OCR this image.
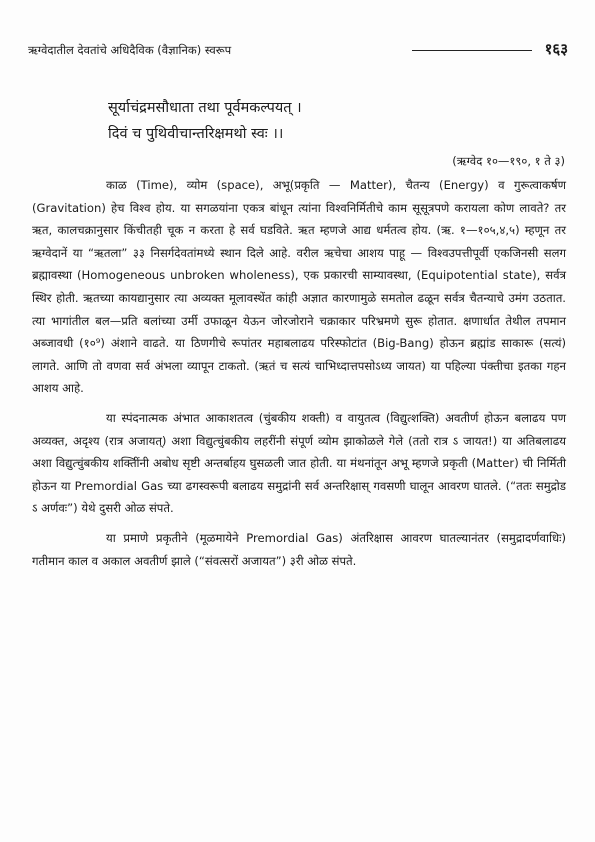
ऋग्वेदातील देवतांचे अधिदैविक (वैज्ञानिक) स्वरूप	१६३
सूर्याचंद्रमसौधाता तथा पूर्वमकल्पयत् ।
दिवं च पुथिवीचान्तरिक्षमथो स्वः ।।
(ऋग्वेद १०—१९०, १ ते ३)

काळ (Time), व्योम (space), अभू(प्रकृति — Matter), चैतन्य (Energy) व गुरूत्वाकर्षण (Gravitation) हेच विश्व होय. या सगळयांना एकत्र बांधून त्यांना विश्वनिर्मितीचे काम सूसूत्रपणे करायला कोण लावते? तर ऋत, कालचक्रानुसार किंचीतही चूक न करता हे सर्व घडविते. ऋत म्हणजे आद्य धर्मतत्व होय. (ऋ. १—१०५,४,५) म्हणून तर ऋग्वेदानें या “ऋतला” ३३ निसर्गदेवतांमध्ये स्थान दिले आहे. वरील ऋचेचा आशय पाहू — विश्वउपत्तीपूर्वी एकजिनसी सलग ब्रह्मावस्था (Homogeneous unbroken wholeness), एक प्रकारची साम्यावस्था, (Equipotential state), सर्वत्र स्थिर होती. ऋतच्या कायद्यानुसार त्या अव्यक्त मूलावस्थेंत कांही अज्ञात कारणामुळे समतोल ढळून सर्वत्र चैतन्याचे उमंग उठतात. त्या भागांतील बल—प्रति बलांच्या उर्मी उफाळून येऊन जोरजोराने चक्राकार परिभ्रमणे सुरू होतात. क्षणार्धात तेथील तपमान अब्जावधी (१०⁹) अंशाने वाढते. या ठिणगीचे रूपांतर महाबलाढय परिस्फोटांत (Big-Bang) होऊन ब्रह्मांड साकारू (सत्यं) लागते. आणि तो वणवा सर्व अंभला व्यापून टाकतो. (ऋतं च सत्यं चाभिध्दात्तपसोऽध्य जायत) या पहिल्या पंक्तीचा इतका गहन आशय आहे.

या स्पंदनात्मक अंभात आकाशतत्व (चुंबकीय शक्ती) व वायुतत्व (विद्युत्शक्ति) अवतीर्ण होऊन बलाढय पण अव्यक्त, अदृश्य (रात्र अजायत्) अशा विद्युत्चुंबकीय लहरींनी संपूर्ण व्योम झाकोळले गेले (ततो रात्र ऽ जायत!) या अतिबलाढय अशा विद्युत्चुंबकीय शक्तिींनी अबोध सृष्टी अन्तर्बाहय घुसळली जात होती. या मंथनांतून अभू म्हणजे प्रकृती (Matter) ची निर्मिती होऊन या Premordial Gas च्या ढगस्वरूपी बलाढय समुद्रांनी सर्व अन्तरिक्षास् गवसणी घालून आवरण घातले. (“ततः समुद्रोड ऽ अर्णवः”) येथे दुसरी ओळ संपते.

या प्रमाणे प्रकृतीने (मूळमायेने Premordial Gas) अंतरिक्षास आवरण घातल्यानंतर (समुद्रादर्णवाधिः) गतीमान काल व अकाल अवतीर्ण झाले (“संवत्सरों अजायत”) ३री ओळ संपते.
